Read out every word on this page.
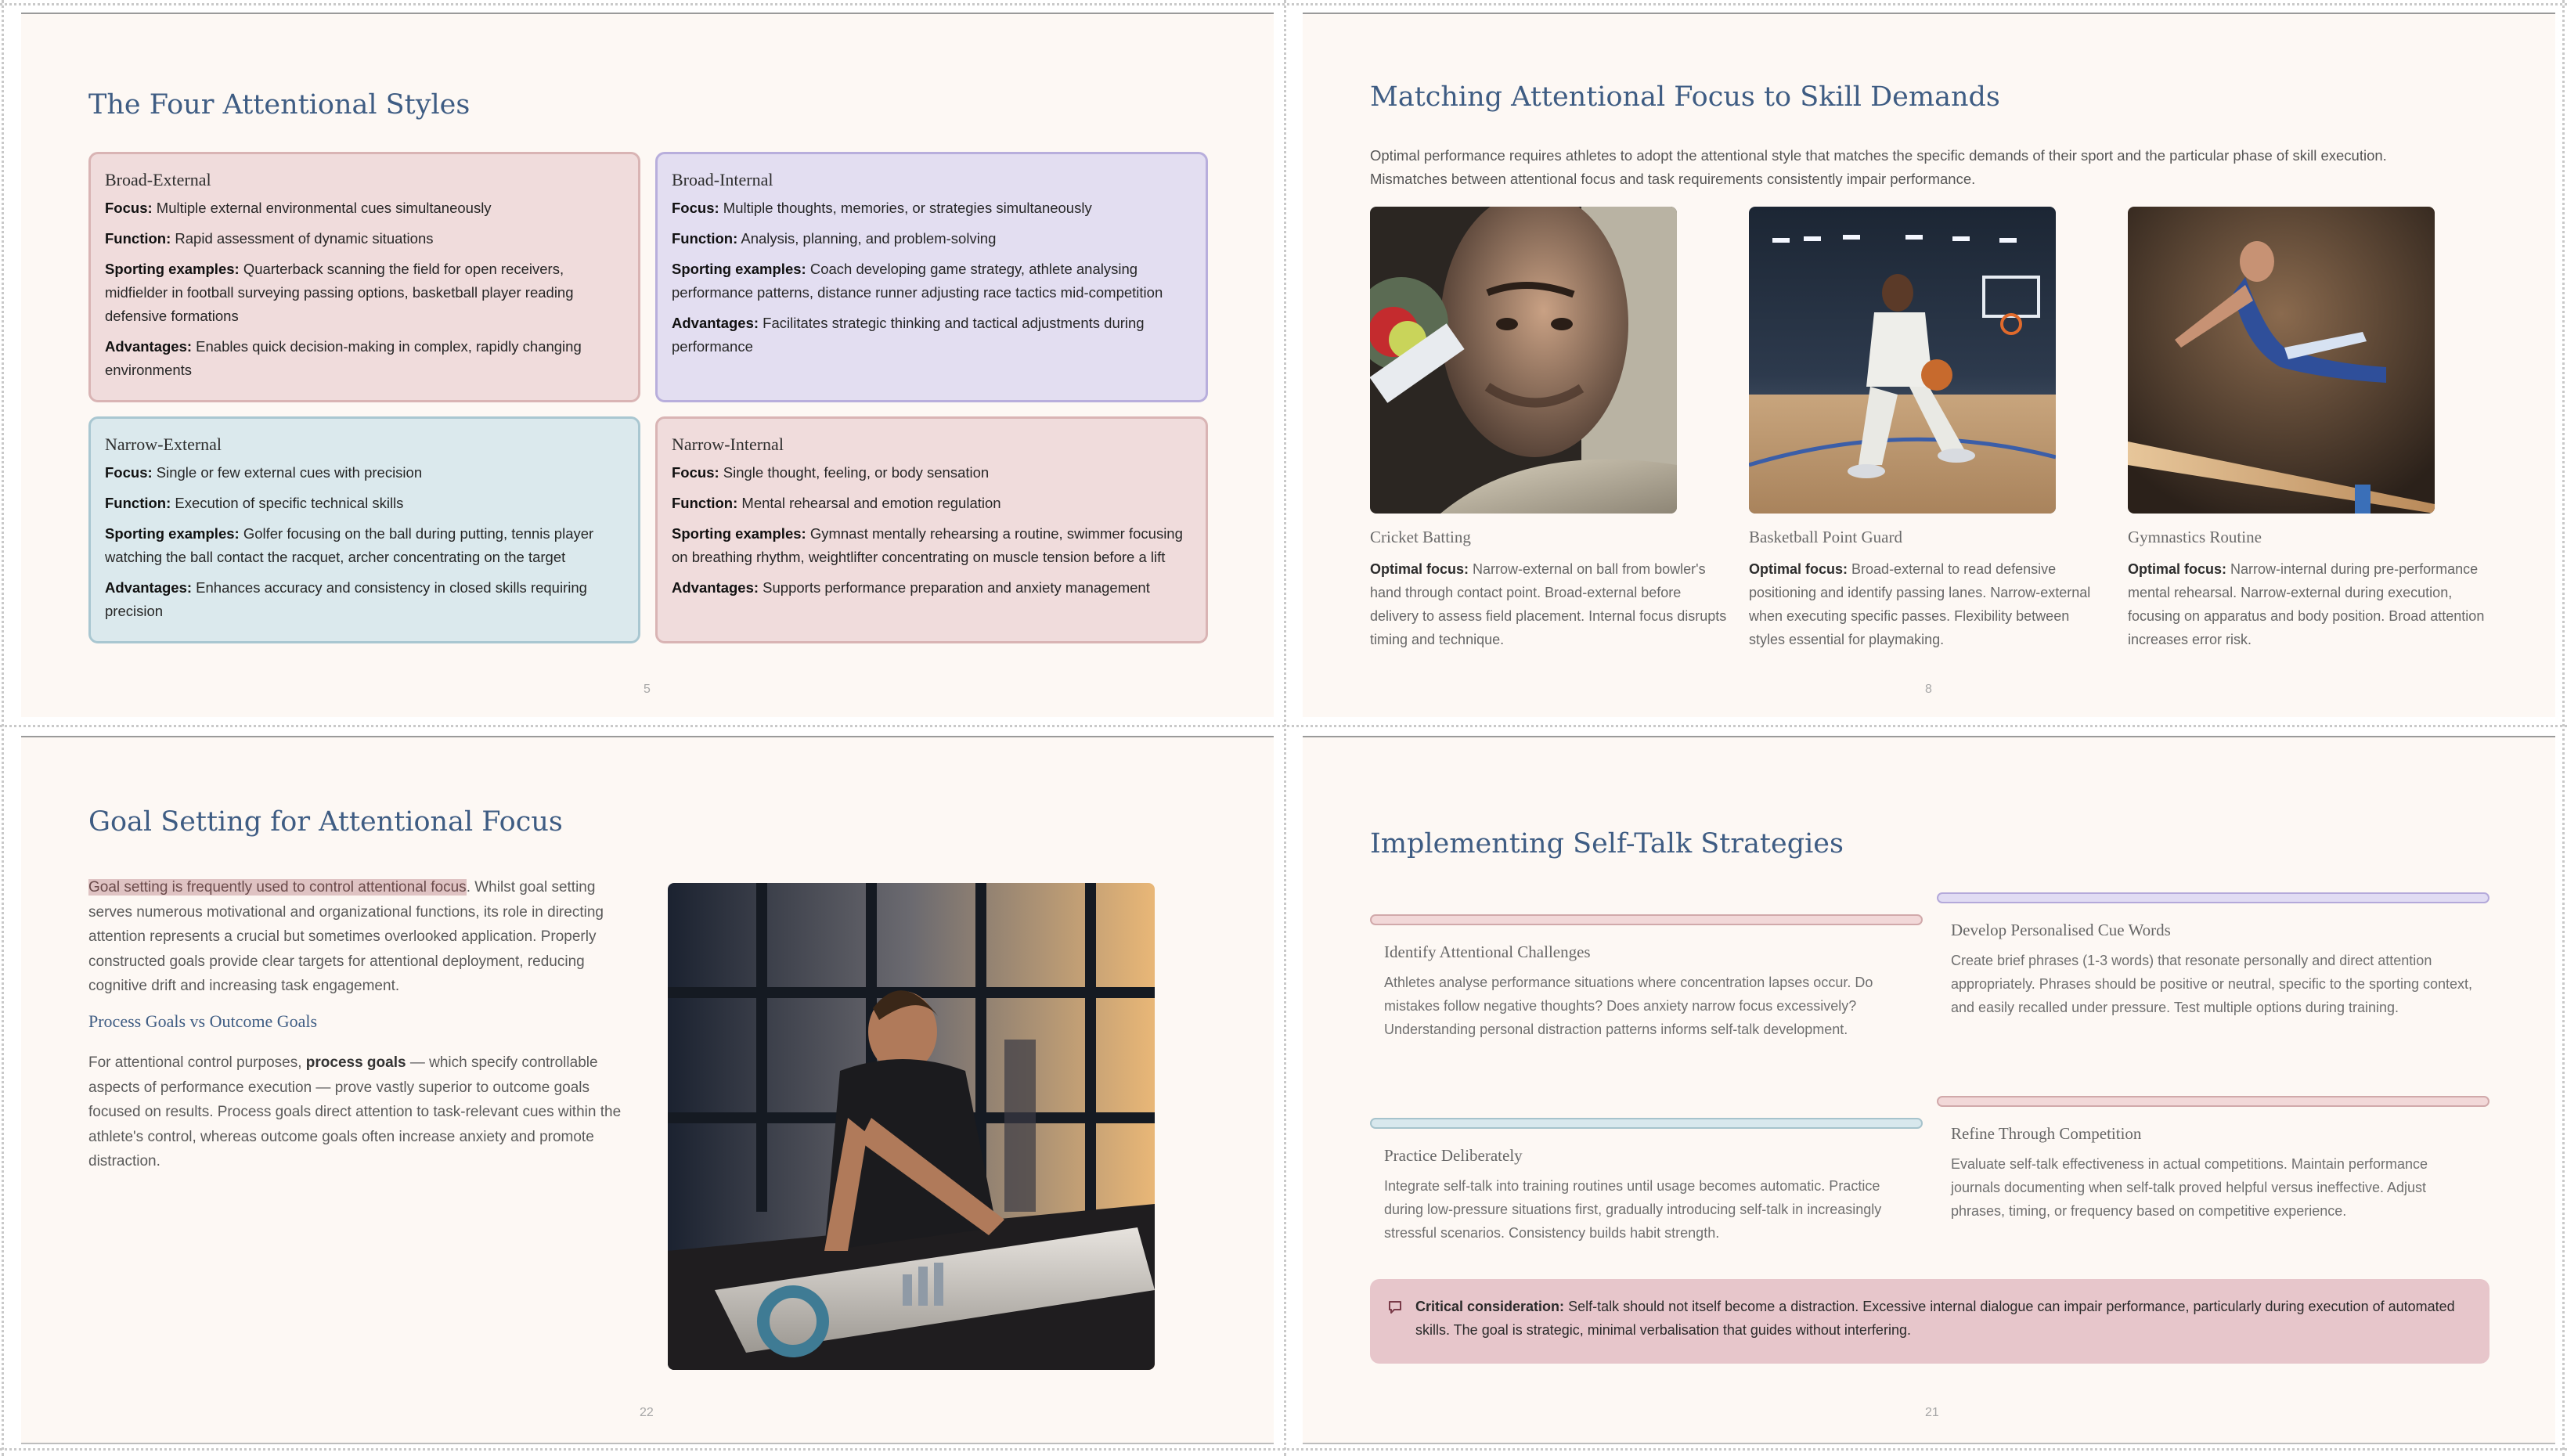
The Four Attentional Styles
Broad-External

Focus: Multiple external environmental cues simultaneously

Function: Rapid assessment of dynamic situations

Sporting examples: Quarterback scanning the field for open receivers, midfielder in football surveying passing options, basketball player reading defensive formations

Advantages: Enables quick decision-making in complex, rapidly changing environments

Broad-Internal

Focus: Multiple thoughts, memories, or strategies simultaneously

Function: Analysis, planning, and problem-solving

Sporting examples: Coach developing game strategy, athlete analysing performance patterns, distance runner adjusting race tactics mid-competition

Advantages: Facilitates strategic thinking and tactical adjustments during performance

Narrow-External

Focus: Single or few external cues with precision

Function: Execution of specific technical skills

Sporting examples: Golfer focusing on the ball during putting, tennis player watching the ball contact the racquet, archer concentrating on the target

Advantages: Enhances accuracy and consistency in closed skills requiring precision

Narrow-Internal

Focus: Single thought, feeling, or body sensation

Function: Mental rehearsal and emotion regulation

Sporting examples: Gymnast mentally rehearsing a routine, swimmer focusing on breathing rhythm, weightlifter concentrating on muscle tension before a lift

Advantages: Supports performance preparation and anxiety management

5
Matching Attentional Focus to Skill Demands
Optimal performance requires athletes to adopt the attentional style that matches the specific demands of their sport and the particular phase of skill execution. Mismatches between attentional focus and task requirements consistently impair performance.
Cricket Batting
Optimal focus: Narrow-external on ball from bowler's hand through contact point. Broad-external before delivery to assess field placement. Internal focus disrupts timing and technique.
Basketball Point Guard
Optimal focus: Broad-external to read defensive positioning and identify passing lanes. Narrow-external when executing specific passes. Flexibility between styles essential for playmaking.
Gymnastics Routine
Optimal focus: Narrow-internal during pre-performance mental rehearsal. Narrow-external during execution, focusing on apparatus and body position. Broad attention increases error risk.
8
Goal Setting for Attentional Focus
Goal setting is frequently used to control attentional focus. Whilst goal setting serves numerous motivational and organizational functions, its role in directing attention represents a crucial but sometimes overlooked application. Properly constructed goals provide clear targets for attentional deployment, reducing cognitive drift and increasing task engagement.
Process Goals vs Outcome Goals
For attentional control purposes, process goals — which specify controllable aspects of performance execution — prove vastly superior to outcome goals focused on results. Process goals direct attention to task-relevant cues within the athlete's control, whereas outcome goals often increase anxiety and promote distraction.
22
Implementing Self-Talk Strategies
Identify Attentional Challenges
Athletes analyse performance situations where concentration lapses occur. Do mistakes follow negative thoughts? Does anxiety narrow focus excessively? Understanding personal distraction patterns informs self-talk development.
Develop Personalised Cue Words
Create brief phrases (1-3 words) that resonate personally and direct attention appropriately. Phrases should be positive or neutral, specific to the sporting context, and easily recalled under pressure. Test multiple options during training.
Practice Deliberately
Integrate self-talk into training routines until usage becomes automatic. Practice during low-pressure situations first, gradually introducing self-talk in increasingly stressful scenarios. Consistency builds habit strength.
Refine Through Competition
Evaluate self-talk effectiveness in actual competitions. Maintain performance journals documenting when self-talk proved helpful versus ineffective. Adjust phrases, timing, or frequency based on competitive experience.
Critical consideration: Self-talk should not itself become a distraction. Excessive internal dialogue can impair performance, particularly during execution of automated skills. The goal is strategic, minimal verbalisation that guides without interfering.
21
